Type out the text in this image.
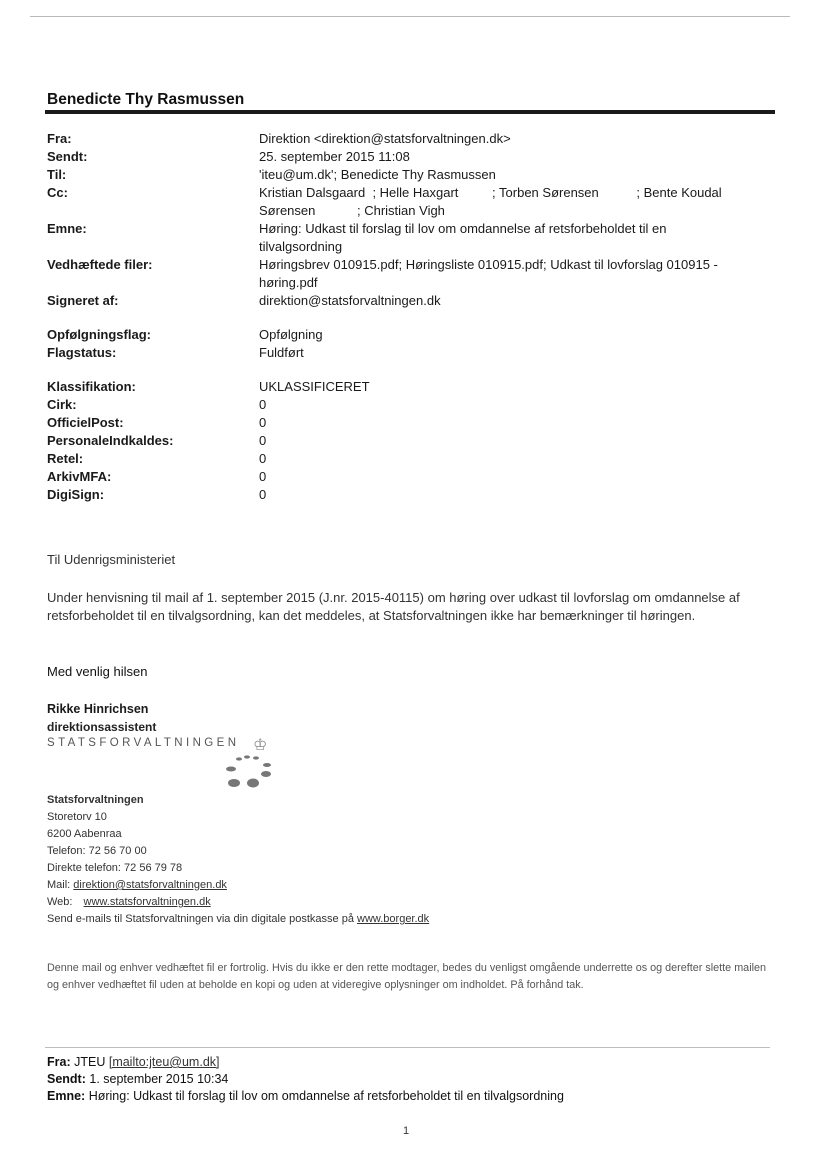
Benedicte Thy Rasmussen
Fra:	Direktion <direktion@statsforvaltningen.dk>
Sendt:	25. september 2015 11:08
Til:	'iteu@um.dk'; Benedicte Thy Rasmussen
Cc:	Kristian Dalsgaard  ; Helle Haxgart	; Torben Sørensen	; Bente Koudal
Sørensen	; Christian Vigh
Emne:	Høring: Udkast til forslag til lov om omdannelse af retsforbeholdet til en tilvalgsordning
Vedhæftede filer:	Høringsbrev 010915.pdf; Høringsliste 010915.pdf; Udkast til lovforslag 010915 - høring.pdf
Signeret af:	direktion@statsforvaltningen.dk
Opfølgningsflag:	Opfølgning
Flagstatus:	Fuldført
Klassifikation:	UKLASSIFICERET
Cirk:	0
OfficielPost:	0
PersonaleIndkaldes:	0
Retel:	0
ArkivMFA:	0
DigiSign:	0
Til Udenrigsministeriet
Under henvisning til mail af 1. september 2015 (J.nr. 2015-40115) om høring over udkast til lovforslag om omdannelse af retsforbeholdet til en tilvalgsordning, kan det meddeles, at Statsforvaltningen ikke har bemærkninger til høringen.
Med venlig hilsen
Rikke Hinrichsen
direktionsassistent
STATSFORVALTNINGEN ♔
Statsforvaltningen
Storetorv 10
6200 Aabenraa
Telefon: 72 56 70 00
Direkte telefon: 72 56 79 78
Mail: direktion@statsforvaltningen.dk
Web: www.statsforvaltningen.dk
Send e-mails til Statsforvaltningen via din digitale postkasse på www.borger.dk
Denne mail og enhver vedhæftet fil er fortrolig. Hvis du ikke er den rette modtager, bedes du venligst omgående underrette os og derefter slette mailen og enhver vedhæftet fil uden at beholde en kopi og uden at videregive oplysninger om indholdet. På forhånd tak.
Fra: JTEU [mailto:jteu@um.dk]
Sendt: 1. september 2015 10:34
Emne: Høring: Udkast til forslag til lov om omdannelse af retsforbeholdet til en tilvalgsordning
1
